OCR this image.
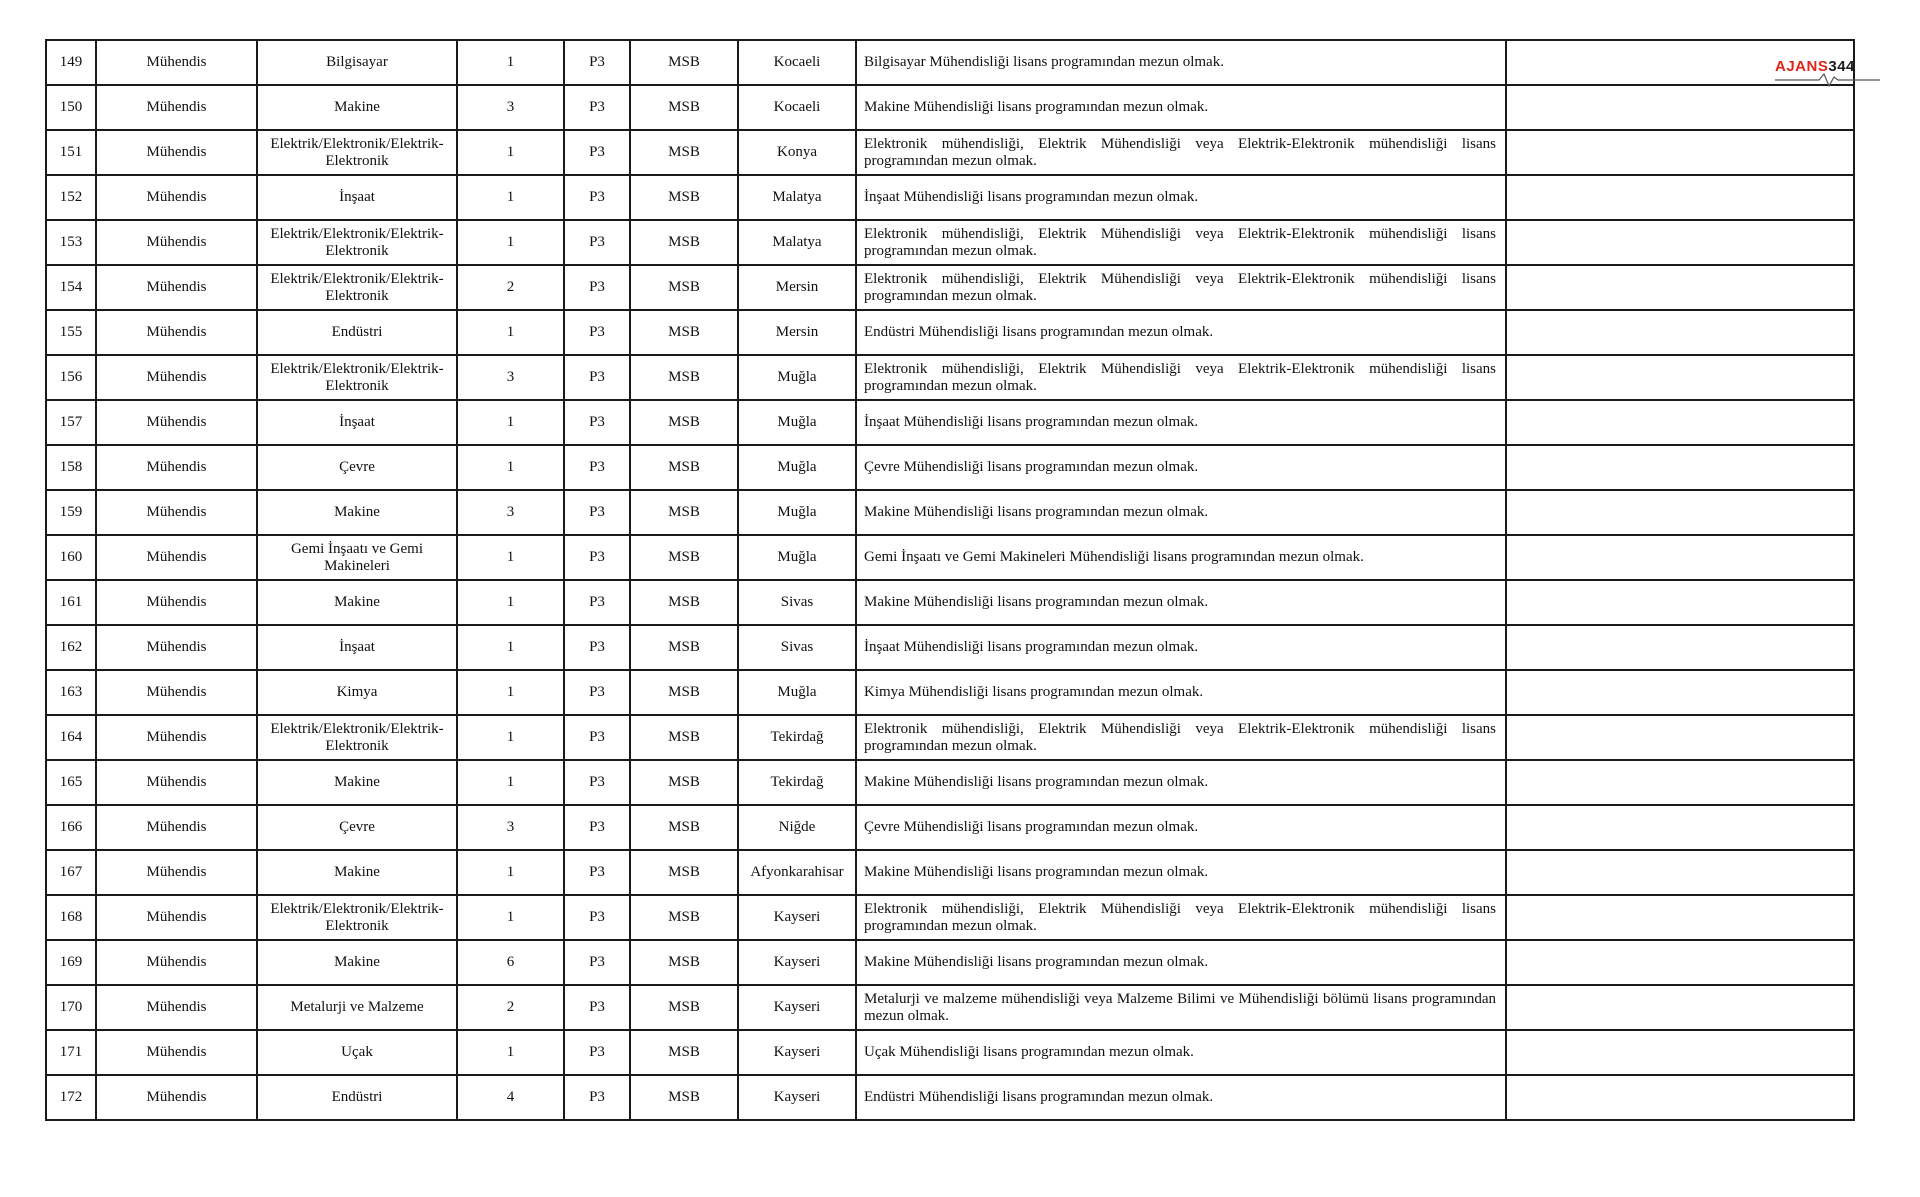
149	Mühendis	Bilgisayar	1	P3	MSB	Kocaeli	Bilgisayar Mühendisliği lisans programından mezun olmak.	
150	Mühendis	Makine	3	P3	MSB	Kocaeli	Makine Mühendisliği lisans programından mezun olmak.	
151	Mühendis	Elektrik/Elektronik/Elektrik-Elektronik	1	P3	MSB	Konya	Elektronik mühendisliği, Elektrik Mühendisliği veya Elektrik-Elektronik mühendisliği lisans programından mezun olmak.	
152	Mühendis	İnşaat	1	P3	MSB	Malatya	İnşaat Mühendisliği lisans programından mezun olmak.	
153	Mühendis	Elektrik/Elektronik/Elektrik-Elektronik	1	P3	MSB	Malatya	Elektronik mühendisliği, Elektrik Mühendisliği veya Elektrik-Elektronik mühendisliği lisans programından mezun olmak.	
154	Mühendis	Elektrik/Elektronik/Elektrik-Elektronik	2	P3	MSB	Mersin	Elektronik mühendisliği, Elektrik Mühendisliği veya Elektrik-Elektronik mühendisliği lisans programından mezun olmak.	
155	Mühendis	Endüstri	1	P3	MSB	Mersin	Endüstri Mühendisliği lisans programından mezun olmak.	
156	Mühendis	Elektrik/Elektronik/Elektrik-Elektronik	3	P3	MSB	Muğla	Elektronik mühendisliği, Elektrik Mühendisliği veya Elektrik-Elektronik mühendisliği lisans programından mezun olmak.	
157	Mühendis	İnşaat	1	P3	MSB	Muğla	İnşaat Mühendisliği lisans programından mezun olmak.	
158	Mühendis	Çevre	1	P3	MSB	Muğla	Çevre Mühendisliği lisans programından mezun olmak.	
159	Mühendis	Makine	3	P3	MSB	Muğla	Makine Mühendisliği lisans programından mezun olmak.	
160	Mühendis	Gemi İnşaatı ve Gemi Makineleri	1	P3	MSB	Muğla	Gemi İnşaatı ve Gemi Makineleri Mühendisliği lisans programından mezun olmak.	
161	Mühendis	Makine	1	P3	MSB	Sivas	Makine Mühendisliği lisans programından mezun olmak.	
162	Mühendis	İnşaat	1	P3	MSB	Sivas	İnşaat Mühendisliği lisans programından mezun olmak.	
163	Mühendis	Kimya	1	P3	MSB	Muğla	Kimya Mühendisliği lisans programından mezun olmak.	
164	Mühendis	Elektrik/Elektronik/Elektrik-Elektronik	1	P3	MSB	Tekirdağ	Elektronik mühendisliği, Elektrik Mühendisliği veya Elektrik-Elektronik mühendisliği lisans programından mezun olmak.	
165	Mühendis	Makine	1	P3	MSB	Tekirdağ	Makine Mühendisliği lisans programından mezun olmak.	
166	Mühendis	Çevre	3	P3	MSB	Niğde	Çevre Mühendisliği lisans programından mezun olmak.	
167	Mühendis	Makine	1	P3	MSB	Afyonkarahisar	Makine Mühendisliği lisans programından mezun olmak.	
168	Mühendis	Elektrik/Elektronik/Elektrik-Elektronik	1	P3	MSB	Kayseri	Elektronik mühendisliği, Elektrik Mühendisliği veya Elektrik-Elektronik mühendisliği lisans programından mezun olmak.	
169	Mühendis	Makine	6	P3	MSB	Kayseri	Makine Mühendisliği lisans programından mezun olmak.	
170	Mühendis	Metalurji ve Malzeme	2	P3	MSB	Kayseri	Metalurji ve malzeme mühendisliği veya Malzeme Bilimi ve Mühendisliği bölümü lisans programından mezun olmak.	
171	Mühendis	Uçak	1	P3	MSB	Kayseri	Uçak Mühendisliği lisans programından mezun olmak.	
172	Mühendis	Endüstri	4	P3	MSB	Kayseri	Endüstri Mühendisliği lisans programından mezun olmak.	
AJANS344
